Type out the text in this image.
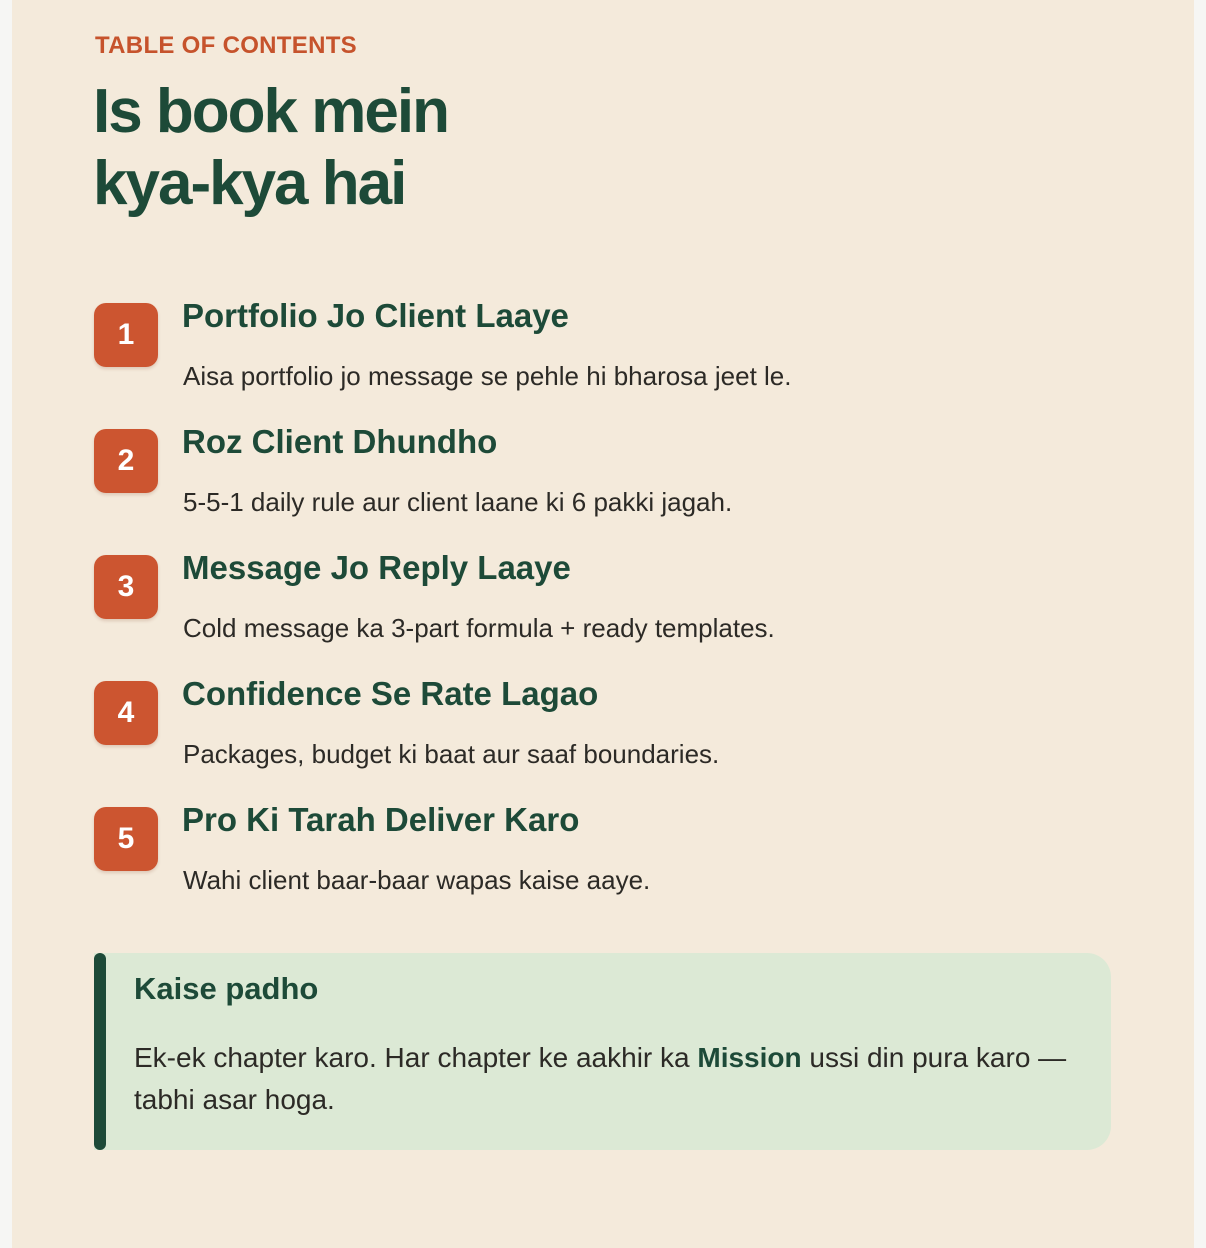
TABLE OF CONTENTS

Is book mein
kya-kya hai
1
Portfolio Jo Client Laaye

Aisa portfolio jo message se pehle hi bharosa jeet le.

2
Roz Client Dhundho

5-5-1 daily rule aur client laane ki 6 pakki jagah.

3
Message Jo Reply Laaye

Cold message ka 3-part formula + ready templates.

4
Confidence Se Rate Lagao

Packages, budget ki baat aur saaf boundaries.

5
Pro Ki Tarah Deliver Karo

Wahi client baar-baar wapas kaise aaye.

Kaise padho

Ek-ek chapter karo. Har chapter ke aakhir ka Mission ussi din pura karo — tabhi asar hoga.
